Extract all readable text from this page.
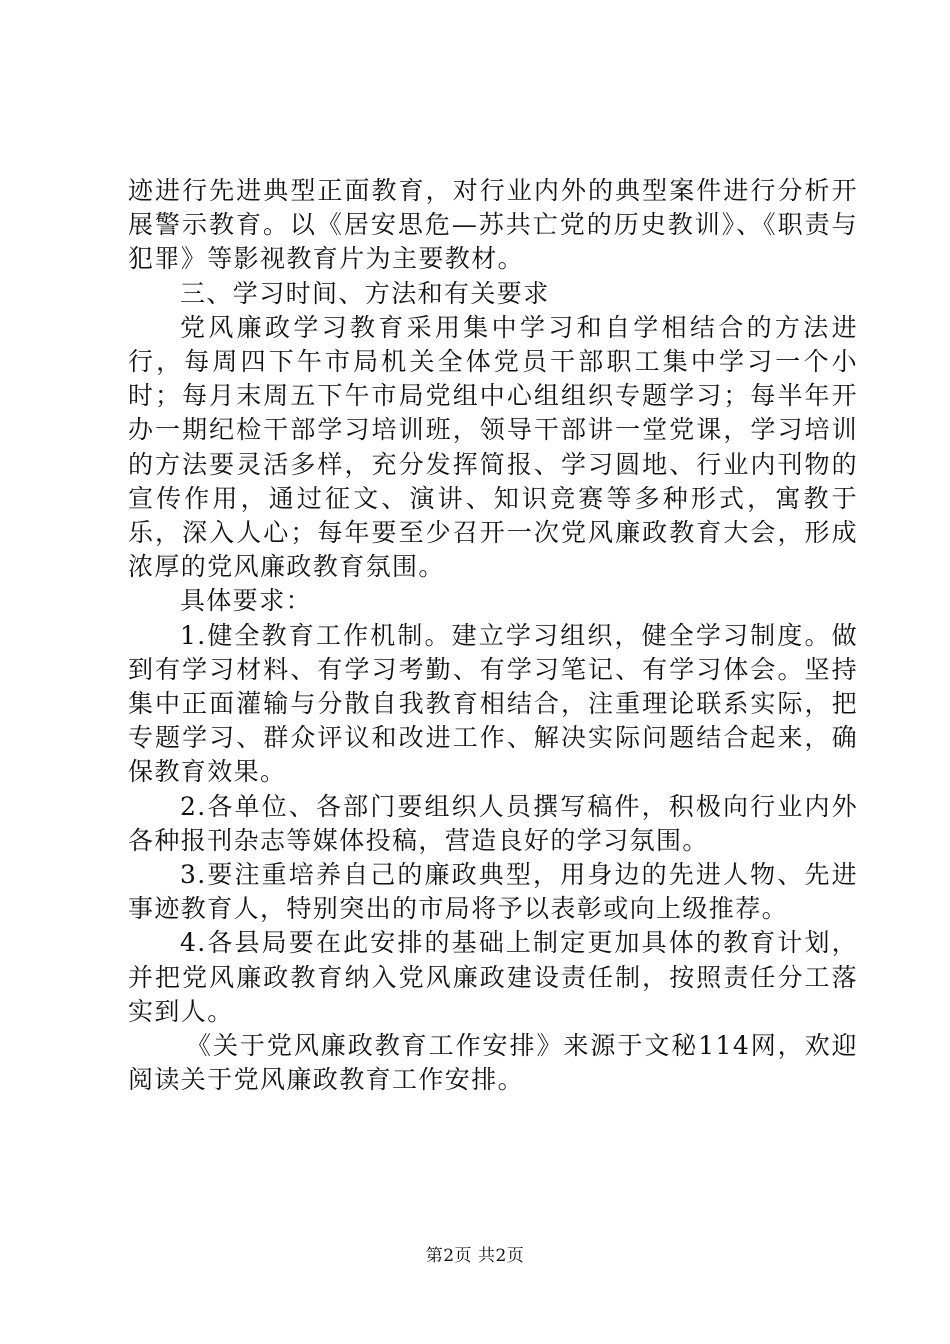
迹进行先进典型正面教育，对行业内外的典型案件进行分析开展警示教育。以《居安思危—苏共亡党的历史教训》、《职责与犯罪》等影视教育片为主要教材。

三、学习时间、方法和有关要求

党风廉政学习教育采用集中学习和自学相结合的方法进行，每周四下午市局机关全体党员干部职工集中学习一个小时；每月末周五下午市局党组中心组组织专题学习；每半年开办一期纪检干部学习培训班，领导干部讲一堂党课，学习培训的方法要灵活多样，充分发挥简报、学习圆地、行业内刊物的宣传作用，通过征文、演讲、知识竞赛等多种形式，寓教于乐，深入人心；每年要至少召开一次党风廉政教育大会，形成浓厚的党风廉政教育氛围。

具体要求：

1.健全教育工作机制。建立学习组织，健全学习制度。做到有学习材料、有学习考勤、有学习笔记、有学习体会。坚持集中正面灌输与分散自我教育相结合，注重理论联系实际，把专题学习、群众评议和改进工作、解决实际问题结合起来，确保教育效果。

2.各单位、各部门要组织人员撰写稿件，积极向行业内外各种报刊杂志等媒体投稿，营造良好的学习氛围。

3.要注重培养自己的廉政典型，用身边的先进人物、先进事迹教育人，特别突出的市局将予以表彰或向上级推荐。

4.各县局要在此安排的基础上制定更加具体的教育计划，并把党风廉政教育纳入党风廉政建设责任制，按照责任分工落实到人。

《关于党风廉政教育工作安排》来源于文秘114网，欢迎阅读关于党风廉政教育工作安排。

第2页 共2页
